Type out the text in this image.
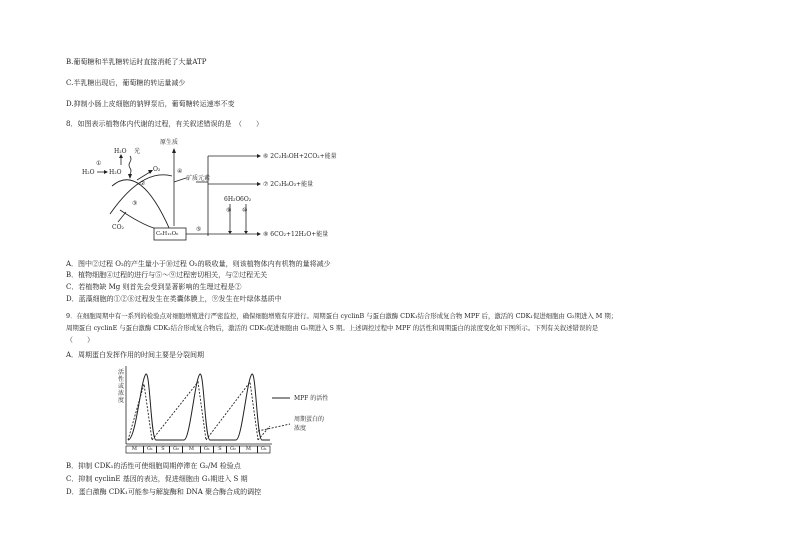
B.葡萄糖和半乳糖转运时直接消耗了大量ATP
C.半乳糖出现后，葡萄糖的转运量减少
D.抑制小肠上皮细胞的钠钾泵后，葡萄糖转运速率不变
8．如图表示植物体内代谢的过程，有关叙述错误的是　（　　）
H₂O H₂O
H₂O
①
光
O₂
②
③
CO₂
原生质
④
矿质元素
C₆H₁₂O₆
⑤
6H₂O 6O₂
⑨ ⑩
⑥ 2C₂H₅OH+2CO₂+能量
⑦ 2C₃H₆O₃+能量
⑧ 6CO₂+12H₂O+能量
A．图中②过程 O₂的产生量小于⑩过程 O₂的吸收量，则该植物体内有机物的量将减少
B．植物细胞④过程的进行与⑤～⑨过程密切相关，与②过程无关
C．若植物缺 Mg 则首先会受到显著影响的生理过程是②
D．蓝藻细胞的①②⑧过程发生在类囊体膜上，⑨发生在叶绿体基质中
9．在细胞周期中有一系列的检验点对细胞增殖进行严密监控，确保细胞增殖有序进行。周期蛋白 cyclinB 与蛋白激酶 CDK₁结合形成复合物 MPF 后，激活的 CDK₁促进细胞由 G₂期进入 M 期；
周期蛋白 cyclinE 与蛋白激酶 CDK₂结合形成复合物后，激活的 CDK₂促进细胞由 G₁期进入 S 期。上述调控过程中 MPF 的活性和周期蛋白的浓度变化如下图所示。下列有关叙述错误的是
（　　）
A．周期蛋白发挥作用的时间主要是分裂间期
活
性
或
浓
度
M	G₁	S	G₂	M	G₁	S	G₂	M	G₁
MPF 的活性
周期蛋白的
浓度
B．抑制 CDK₁的活性可使细胞周期停滞在 G₂/M 检验点
C．抑制 cyclinE 基因的表达，促进细胞由 G₁期进入 S 期
D．蛋白激酶 CDK₁可能参与解旋酶和 DNA 聚合酶合成的调控
